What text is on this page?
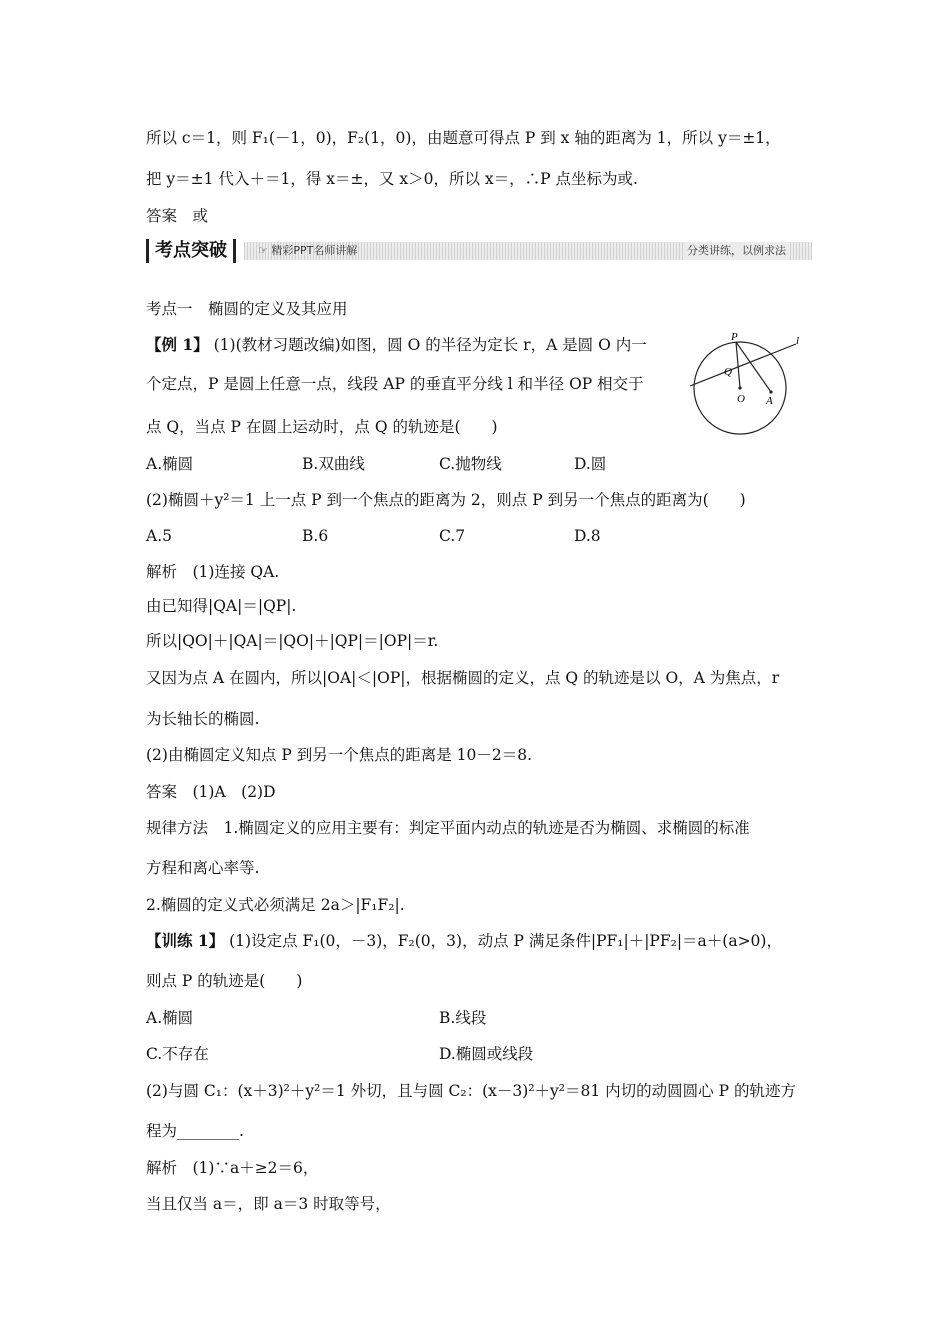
所以 c＝1，则 F₁(－1，0)，F₂(1，0)，由题意可得点 P 到 x 轴的距离为 1，所以 y＝±1，
把 y＝±1 代入＋＝1，得 x＝±，又 x＞0，所以 x＝，∴P 点坐标为或.
答案　或
考点突破	☞ 精彩PPT名师讲解	分类讲练，以例求法
考点一　椭圆的定义及其应用
【例 1】 (1)(教材习题改编)如图，圆 O 的半径为定长 r，A 是圆 O 内一
个定点，P 是圆上任意一点，线段 AP 的垂直平分线 l 和半径 OP 相交于
点 Q，当点 P 在圆上运动时，点 Q 的轨迹是(　　)
A.椭圆	B.双曲线	C.抛物线	D.圆
(2)椭圆＋y²＝1 上一点 P 到一个焦点的距离为 2，则点 P 到另一个焦点的距离为(　　)
A.5	B.6	C.7	D.8
解析　(1)连接 QA.
由已知得|QA|＝|QP|.
所以|QO|＋|QA|＝|QO|＋|QP|＝|OP|＝r.
又因为点 A 在圆内，所以|OA|＜|OP|，根据椭圆的定义，点 Q 的轨迹是以 O，A 为焦点，r
为长轴长的椭圆.
(2)由椭圆定义知点 P 到另一个焦点的距离是 10－2＝8.
答案　(1)A　(2)D
规律方法　1.椭圆定义的应用主要有：判定平面内动点的轨迹是否为椭圆、求椭圆的标准
方程和离心率等.
2.椭圆的定义式必须满足 2a＞|F₁F₂|.
【训练 1】 (1)设定点 F₁(0，－3)，F₂(0，3)，动点 P 满足条件|PF₁|＋|PF₂|＝a＋(a>0)，
则点 P 的轨迹是(　　)
A.椭圆	B.线段
C.不存在	D.椭圆或线段
(2)与圆 C₁：(x＋3)²＋y²＝1 外切，且与圆 C₂：(x－3)²＋y²＝81 内切的动圆圆心 P 的轨迹方
程为________.
解析　(1)∵a＋≥2＝6，
当且仅当 a＝，即 a＝3 时取等号，
P	l
Q
O A
